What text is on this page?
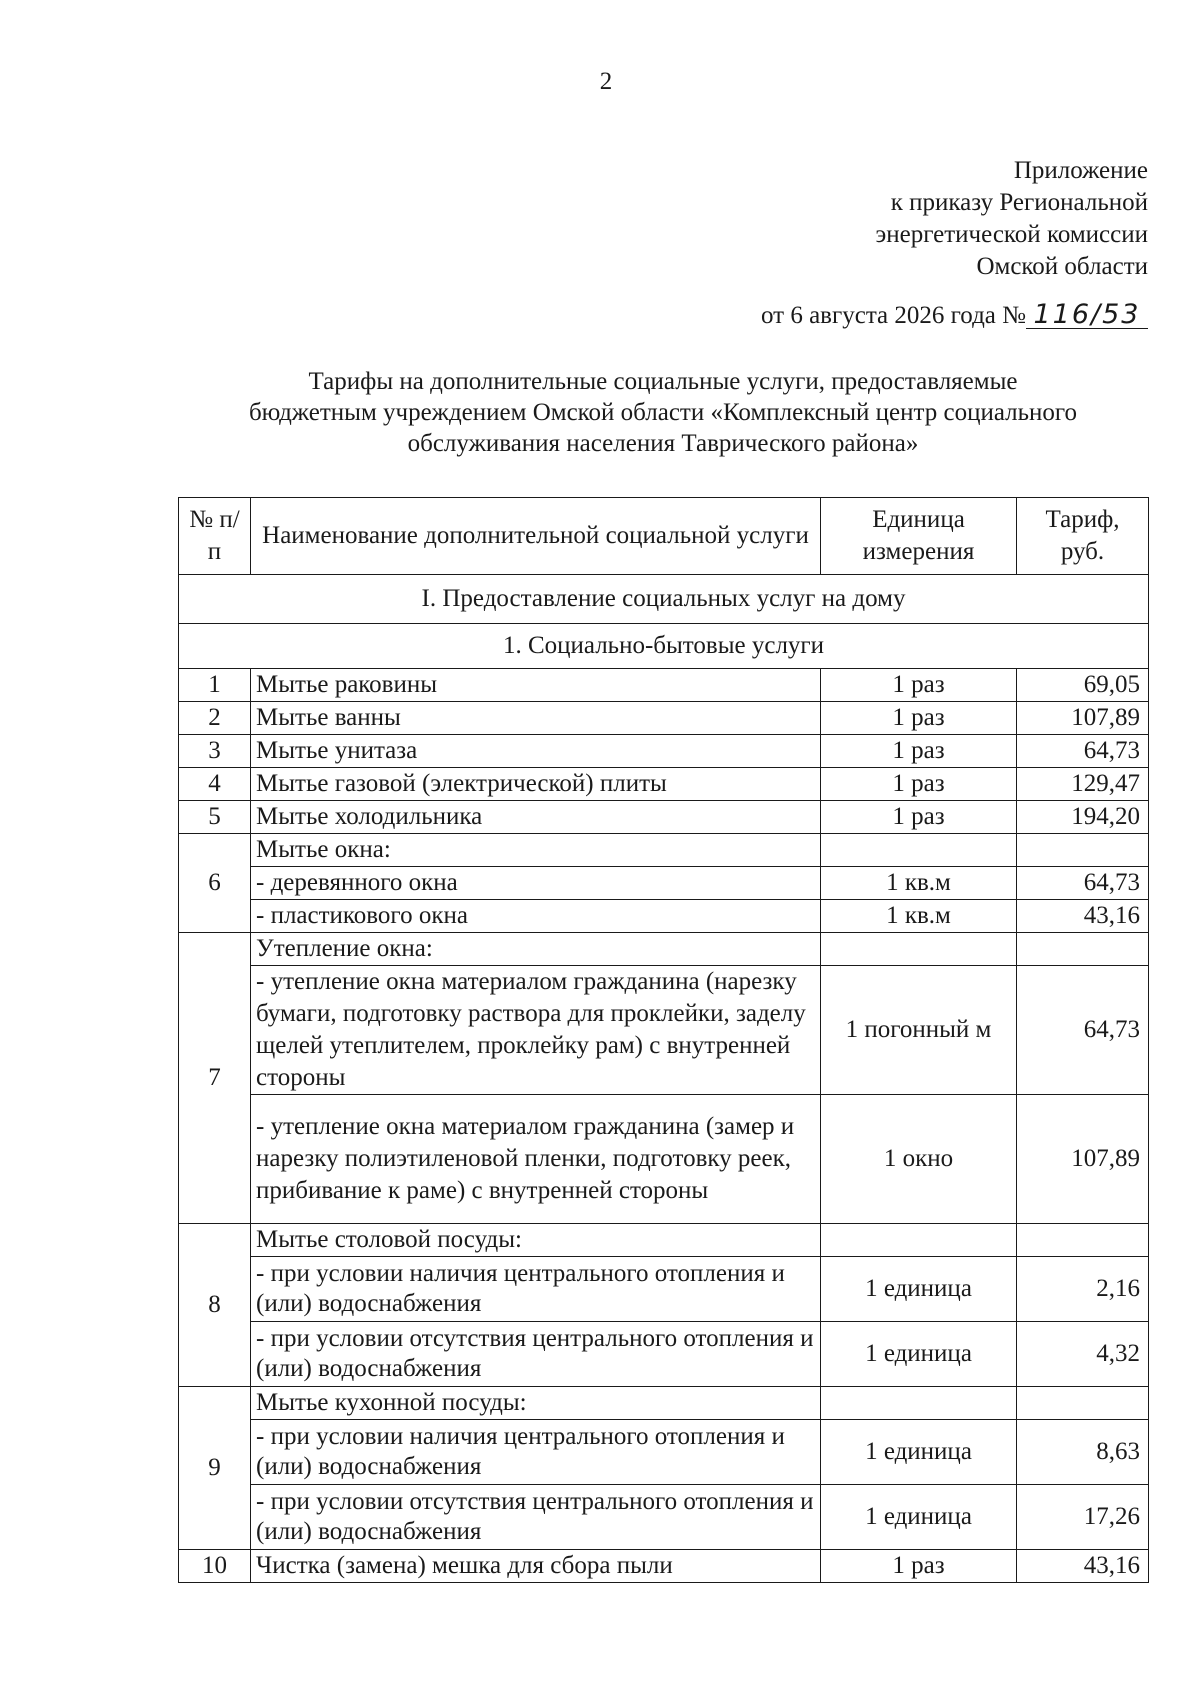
2
Приложение
к приказу Региональной
энергетической комиссии
Омской области
от 6 августа 2026 года № 116/53
Тарифы на дополнительные социальные услуги, предоставляемые
бюджетным учреждением Омской области «Комплексный центр социального
обслуживания населения Таврического района»
№ п/п	Наименование дополнительной социальной услуги	Единица измерения	Тариф, руб.
I. Предоставление социальных услуг на дому			
1. Социально-бытовые услуги			
1	Мытье раковины	1 раз	69,05
2	Мытье ванны	1 раз	107,89
3	Мытье унитаза	1 раз	64,73
4	Мытье газовой (электрической) плиты	1 раз	129,47
5	Мытье холодильника	1 раз	194,20
6	Мытье окна:		
	- деревянного окна	1 кв.м	64,73
	- пластикового окна	1 кв.м	43,16
7	Утепление окна:		
	- утепление окна материалом гражданина (нарезку бумаги, подготовку раствора для проклейки, заделу щелей утеплителем, проклейку рам) с внутренней стороны	1 погонный м	64,73
	- утепление окна материалом гражданина (замер и нарезку полиэтиленовой пленки, подготовку реек, прибивание к раме) с внутренней стороны	1 окно	107,89
8	Мытье столовой посуды:		
	- при условии наличия центрального отопления и (или) водоснабжения	1 единица	2,16
	- при условии отсутствия центрального отопления и (или) водоснабжения	1 единица	4,32
9	Мытье кухонной посуды:		
	- при условии наличия центрального отопления и (или) водоснабжения	1 единица	8,63
	- при условии отсутствия центрального отопления и (или) водоснабжения	1 единица	17,26
10	Чистка (замена) мешка для сбора пыли	1 раз	43,16
